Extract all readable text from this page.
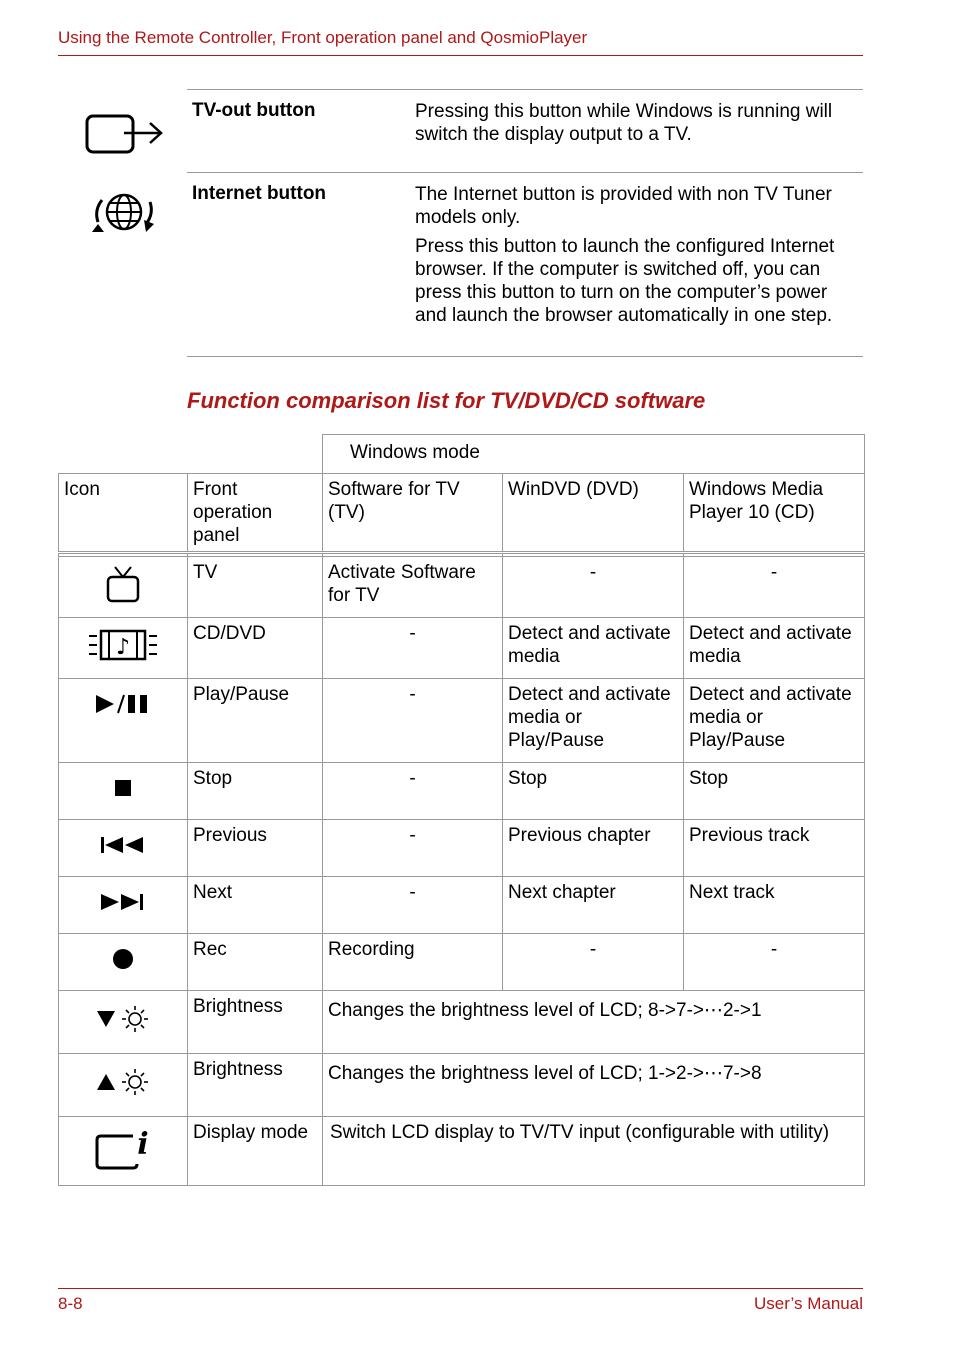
Using the Remote Controller, Front operation panel and QosmioPlayer
TV-out button	Pressing this button while Windows is running will switch the display output to a TV.

Internet button	The Internet button is provided with non TV Tuner models only.

Press this button to launch the configured Internet browser. If the computer is switched off, you can press this button to turn on the computer’s power and launch the browser automatically in one step.

Function comparison list for TV/DVD/CD software
		Windows mode		
Icon	Front operation panel	Software for TV (TV)	WinDVD (DVD)	Windows Media Player 10 (CD)

	TV	Activate Software for TV	-	-

♪	CD/DVD	-	Detect and activate media	Detect and activate media
	Play/Pause	-	Detect and activate media or Play/Pause	Detect and activate media or Play/Pause
	Stop	-	Stop	Stop
	Previous	-	Previous chapter	Previous track
	Next	-	Next chapter	Next track
	Rec	Recording	-	-
	Brightness	Changes the brightness level of LCD; 8->7->⋯2->1		
	Brightness	Changes the brightness level of LCD; 1->2->⋯7->8		

i	Display mode	Switch LCD display to TV/TV input (configurable with utility)		
8-8	User’s Manual
